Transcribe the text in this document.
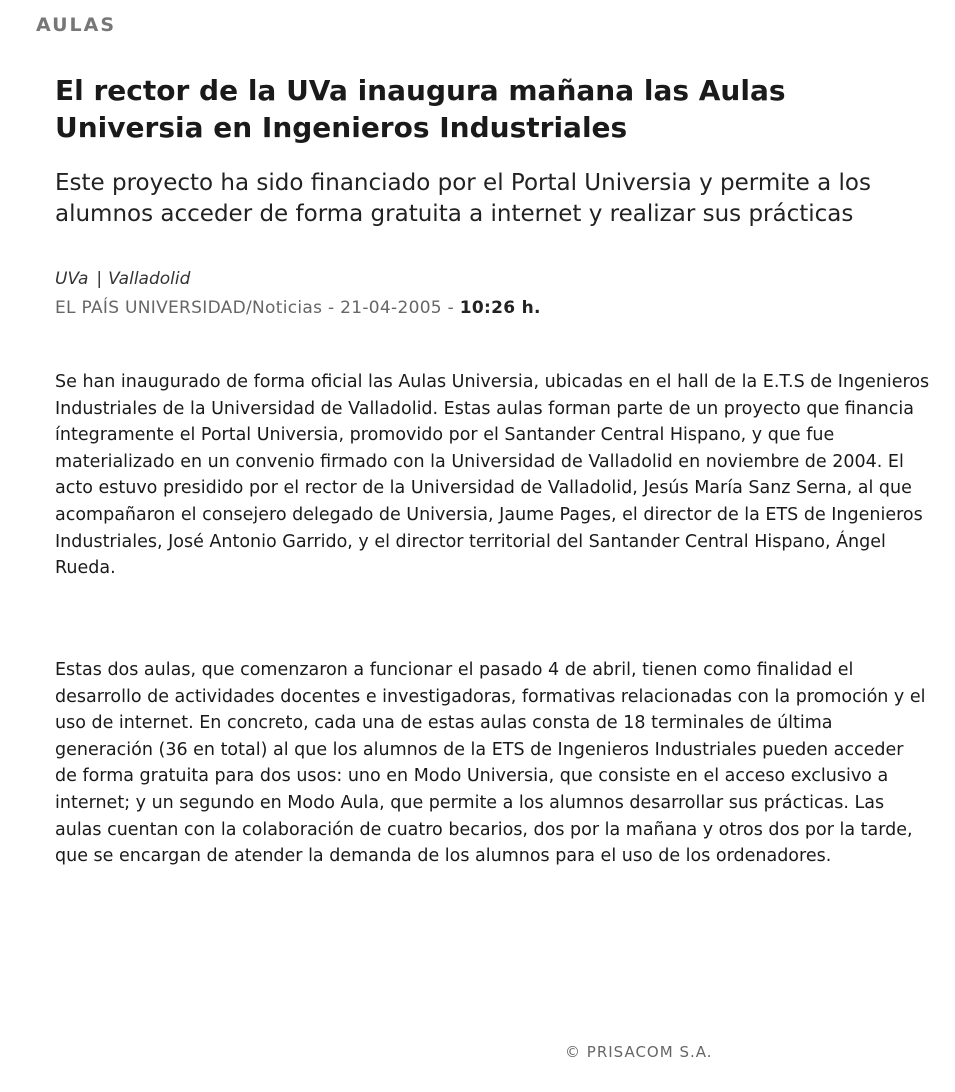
AULAS
El rector de la UVa inaugura mañana las Aulas Universia en Ingenieros Industriales

Este proyecto ha sido financiado por el Portal Universia y permite a los alumnos acceder de forma gratuita a internet y realizar sus prácticas

UVa | Valladolid
EL PAÍS UNIVERSIDAD/Noticias - 21-04-2005 - 10:26 h.

Se han inaugurado de forma oficial las Aulas Universia, ubicadas en el hall de la E.T.S de Ingenieros Industriales de la Universidad de Valladolid. Estas aulas forman parte de un proyecto que financia íntegramente el Portal Universia, promovido por el Santander Central Hispano, y que fue materializado en un convenio firmado con la Universidad de Valladolid en noviembre de 2004. El acto estuvo presidido por el rector de la Universidad de Valladolid, Jesús María Sanz Serna, al que acompañaron el consejero delegado de Universia, Jaume Pages, el director de la ETS de Ingenieros Industriales, José Antonio Garrido, y el director territorial del Santander Central Hispano, Ángel Rueda.

Estas dos aulas, que comenzaron a funcionar el pasado 4 de abril, tienen como finalidad el desarrollo de actividades docentes e investigadoras, formativas relacionadas con la promoción y el uso de internet. En concreto, cada una de estas aulas consta de 18 terminales de última generación (36 en total) al que los alumnos de la ETS de Ingenieros Industriales pueden acceder de forma gratuita para dos usos: uno en Modo Universia, que consiste en el acceso exclusivo a internet; y un segundo en Modo Aula, que permite a los alumnos desarrollar sus prácticas. Las aulas cuentan con la colaboración de cuatro becarios, dos por la mañana y otros dos por la tarde, que se encargan de atender la demanda de los alumnos para el uso de los ordenadores.

© PRISACOM S.A.
